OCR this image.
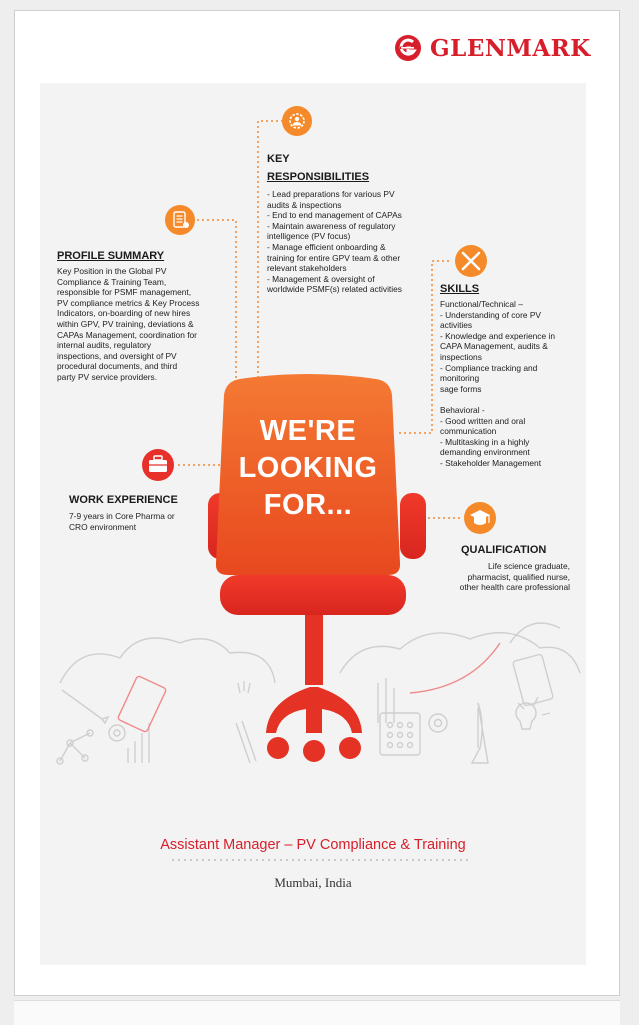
GLENMARK
WE'RE
LOOKING
FOR...
KEY
RESPONSIBILITIES
- Lead preparations for various PV
audits & inspections
- End to end management of CAPAs
- Maintain awareness of regulatory
intelligence (PV focus)
- Manage efficient onboarding &
training for entire GPV team & other
relevant stakeholders
- Management & oversight of
worldwide PSMF(s) related activities
PROFILE SUMMARY
Key Position in the Global PV
Compliance & Training Team,
responsible for PSMF management,
PV compliance metrics & Key Process
Indicators, on-boarding of new hires
within GPV, PV training, deviations &
CAPAs Management, coordination for
internal audits, regulatory
inspections, and oversight of PV
procedural documents, and third
party PV service providers.
SKILLS
Functional/Technical –
- Understanding of core PV
activities
- Knowledge and experience in
CAPA Management, audits &
inspections
- Compliance tracking and
monitoring
sage forms

Behavioral -
- Good written and oral
communication
- Multitasking in a highly
demanding environment
- Stakeholder Management
WORK EXPERIENCE
7-9 years in Core Pharma or
CRO environment
QUALIFICATION
Life science graduate,
pharmacist, qualified nurse,
other health care professional
Assistant Manager – PV Compliance & Training
Mumbai, India
